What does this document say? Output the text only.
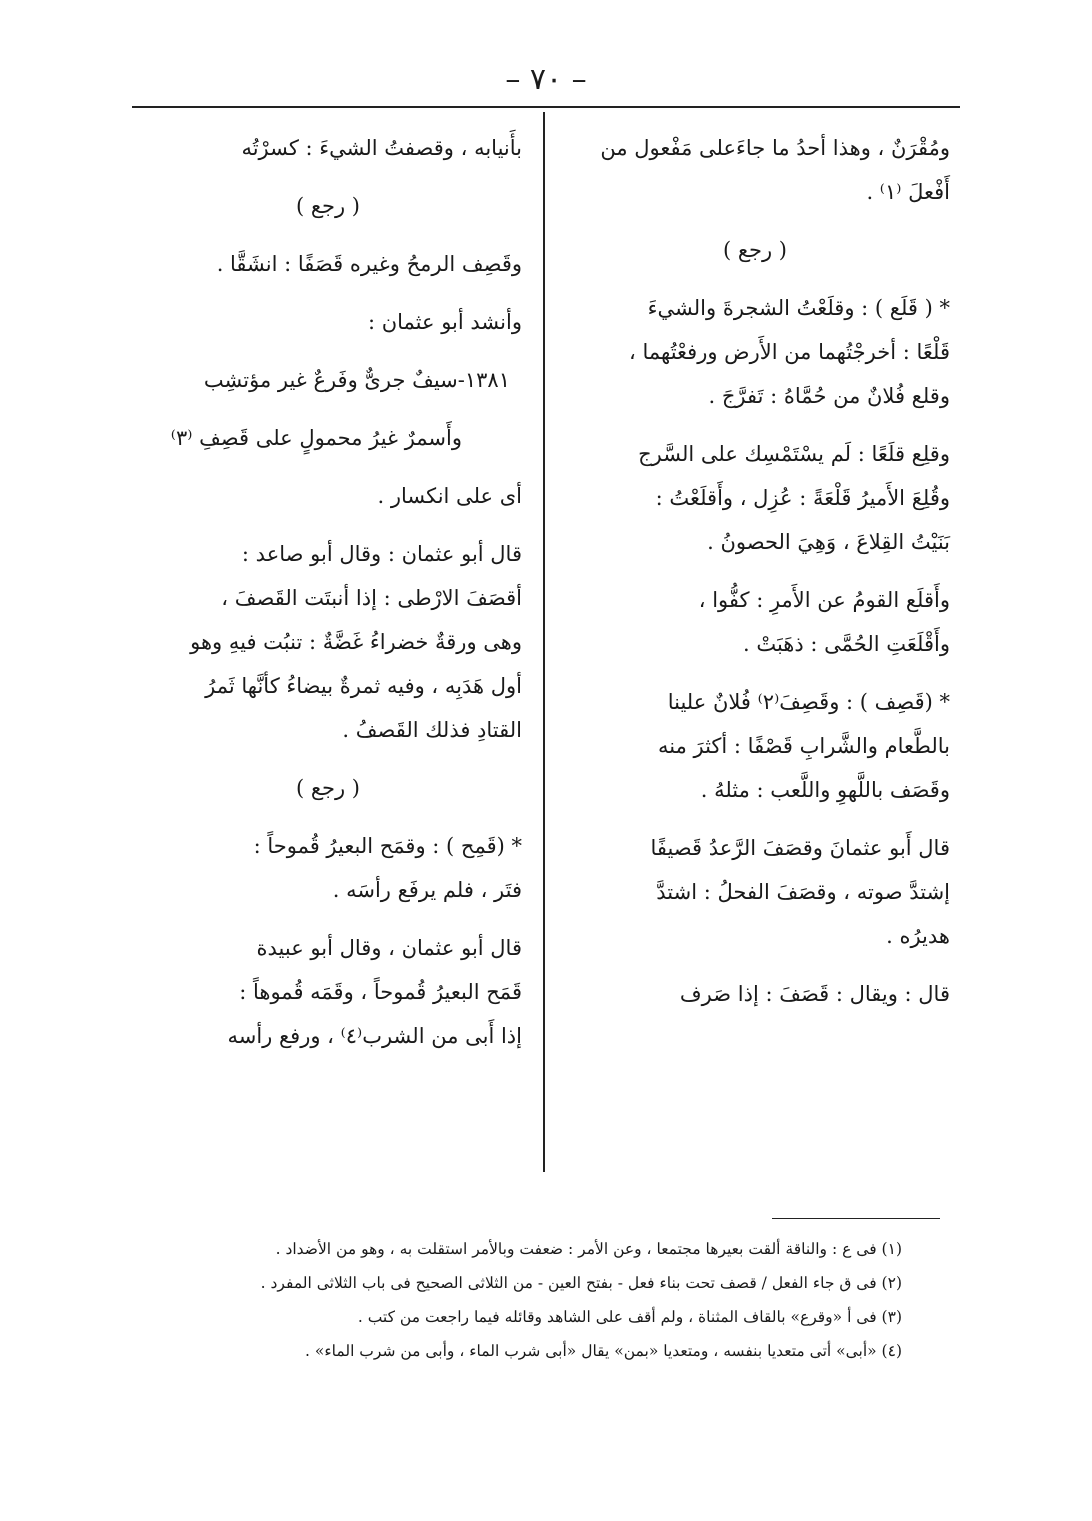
– ٧٠ –
ومُقْرَنٌ ، وهذا أحدُ ما جاءَعلى مَفْعول من
أَفْعلَ ⁽١⁾ .
( رجع )
* ( قَلَع ) : وقلَعْتُ الشجرةَ والشيءَ
قَلْعًا : أخرجْتُهما من الأَرض ورفعْتُهما ،
وقلع فُلانٌ من حُمَّاهُ : تَفرَّجَ .
وقلِع قلَعًا : لَم يسْتَمْسِك على السَّرج
وقُلِعَ الأَميرُ قَلْعَةً : عُزِل ، وأَقلَعْتُ :
بَنَيْتُ القِلاعَ ، وَهِيَ الحصونُ .
وأَقلَع القومُ عن الأَمرِ : كفُّوا ،
وأَقْلَعَتِ الحُمَّى : ذهَبَتْ .
* (قَصِف ) : وقَصِفَ⁽٢⁾ فُلانٌ علينا
بالطَّعام والشَّرابِ قَصْفًا : أكثرَ منه
وقَصَف باللَّهوِ واللَّعب : مثلهُ .
قال أَبو عثمانَ وقصَفَ الرَّعدُ قَصيفًا
إشتدَّ صوته ، وقصَفَ الفحلُ : اشتدَّ
هديرُه .
قال : ويقال : قَصَفَ : إذا صَرف
بأَنيابه ، وقصفتُ الشيءَ : كسرْتُه
( رجع )
وقَصِف الرمحُ وغيره قَصَفًا : انشَقَّا .
وأنشد أبو عثمان :
١٣٨١-سيفٌ جرىٌّ وفَرعٌ غير مؤتشِب
وأَسمرٌ غيرُ محمولٍ على قَصِفِ ⁽٣⁾
أى على انكسار .
قال أبو عثمان : وقال أبو صاعد :
أقصَفَ الارْطى : إذا أنبتَت القَصفَ ،
وهى ورقةٌ خضراءُ غَضَّةٌ : تنبُت فيهِ وهو
أول هَدَبِه ، وفيه ثمرةٌ بيضاءُ كأنَّها ثَمرُ
القتادِ فذلك القَصفُ .
( رجع )
* (قَمِح ) : وقمَح البعيرُ قُموحاً :
فتَر ، فلم يرفَع رأسَه .
قال أبو عثمان ، وقال أبو عبيدة
قَمَح البعيرُ قُموحاً ، وقَمَه قُموهاً :
إذا أَبى من الشرب⁽٤⁾ ، ورفع رأسه
(١) فى ع : والناقة ألقت بعيرها مجتمعا ، وعن الأمر : ضعفت وبالأمر استقلت به ، وهو من الأضداد .
(٢) فى ق جاء الفعل / قصف تحت بناء فعل - بفتح العين - من الثلاثى الصحيح فى باب الثلاثى المفرد .
(٣) فى أ «وقرع» بالقاف المثناة ، ولم أقف على الشاهد وقائله فيما راجعت من كتب .
(٤) «أبى» أتى متعديا بنفسه ، ومتعديا «بمن» يقال «أبى شرب الماء ، وأبى من شرب الماء» .
